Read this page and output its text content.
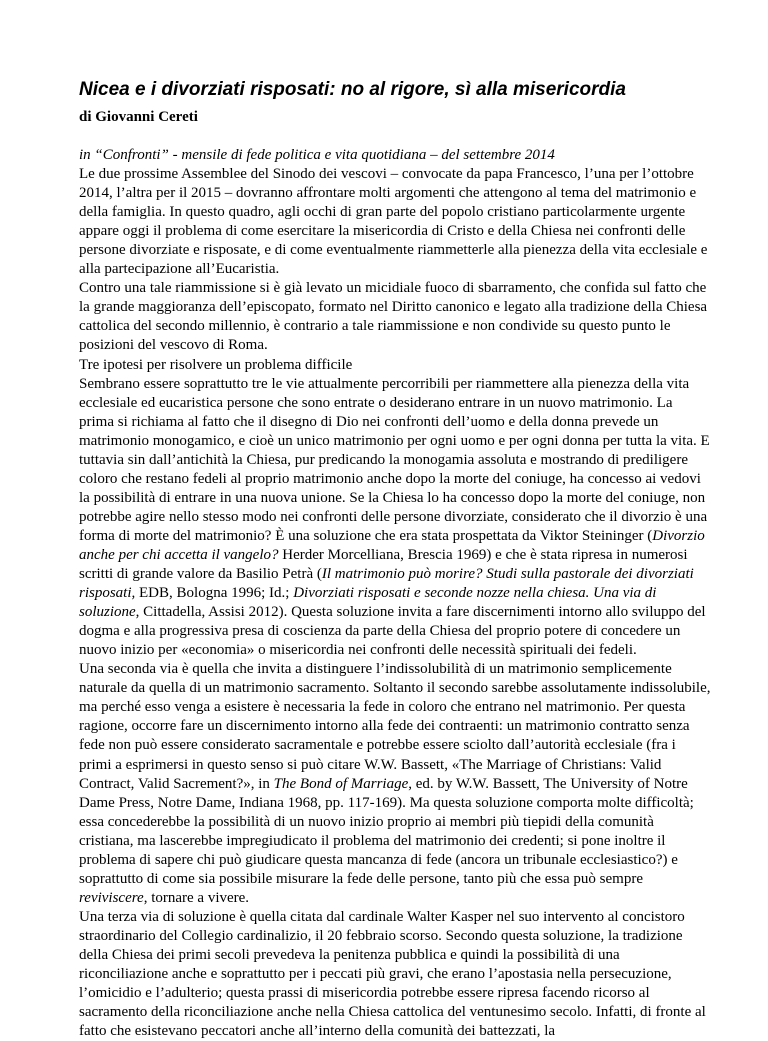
Nicea e i divorziati risposati: no al rigore, sì alla misericordia
di Giovanni Cereti

in “Confronti” - mensile di fede politica e vita quotidiana – del settembre 2014

Le due prossime Assemblee del Sinodo dei vescovi – convocate da papa Francesco, l’una per l’ottobre 2014, l’altra per il 2015 – dovranno affrontare molti argomenti che attengono al tema del matrimonio e della famiglia. In questo quadro, agli occhi di gran parte del popolo cristiano particolarmente urgente appare oggi il problema di come esercitare la misericordia di Cristo e della Chiesa nei confronti delle persone divorziate e risposate, e di come eventualmente riammetterle alla pienezza della vita ecclesiale e alla partecipazione all’Eucaristia.

Contro una tale riammissione si è già levato un micidiale fuoco di sbarramento, che confida sul fatto che la grande maggioranza dell’episcopato, formato nel Diritto canonico e legato alla tradizione della Chiesa cattolica del secondo millennio, è contrario a tale riammissione e non condivide su questo punto le posizioni del vescovo di Roma.

Tre ipotesi per risolvere un problema difficile

Sembrano essere soprattutto tre le vie attualmente percorribili per riammettere alla pienezza della vita ecclesiale ed eucaristica persone che sono entrate o desiderano entrare in un nuovo matrimonio. La prima si richiama al fatto che il disegno di Dio nei confronti dell’uomo e della donna prevede un matrimonio monogamico, e cioè un unico matrimonio per ogni uomo e per ogni donna per tutta la vita. E tuttavia sin dall’antichità la Chiesa, pur predicando la monogamia assoluta e mostrando di prediligere coloro che restano fedeli al proprio matrimonio anche dopo la morte del coniuge, ha concesso ai vedovi la possibilità di entrare in una nuova unione. Se la Chiesa lo ha concesso dopo la morte del coniuge, non potrebbe agire nello stesso modo nei confronti delle persone divorziate, considerato che il divorzio è una forma di morte del matrimonio? È una soluzione che era stata prospettata da Viktor Steininger (Divorzio anche per chi accetta il vangelo? Herder Morcelliana, Brescia 1969) e che è stata ripresa in numerosi scritti di grande valore da Basilio Petrà (Il matrimonio può morire? Studi sulla pastorale dei divorziati risposati, EDB, Bologna 1996; Id.; Divorziati risposati e seconde nozze nella chiesa. Una via di soluzione, Cittadella, Assisi 2012). Questa soluzione invita a fare discernimenti intorno allo sviluppo del dogma e alla progressiva presa di coscienza da parte della Chiesa del proprio potere di concedere un nuovo inizio per «economia» o misericordia nei confronti delle necessità spirituali dei fedeli.

Una seconda via è quella che invita a distinguere l’indissolubilità di un matrimonio semplicemente naturale da quella di un matrimonio sacramento. Soltanto il secondo sarebbe assolutamente indissolubile, ma perché esso venga a esistere è necessaria la fede in coloro che entrano nel matrimonio. Per questa ragione, occorre fare un discernimento intorno alla fede dei contraenti: un matrimonio contratto senza fede non può essere considerato sacramentale e potrebbe essere sciolto dall’autorità ecclesiale (fra i primi a esprimersi in questo senso si può citare W.W. Bassett, «The Marriage of Christians: Valid Contract, Valid Sacrement?», in The Bond of Marriage, ed. by W.W. Bassett, The University of Notre Dame Press, Notre Dame, Indiana 1968, pp. 117-169). Ma questa soluzione comporta molte difficoltà; essa concederebbe la possibilità di un nuovo inizio proprio ai membri più tiepidi della comunità cristiana, ma lascerebbe impregiudicato il problema del matrimonio dei credenti; si pone inoltre il problema di sapere chi può giudicare questa mancanza di fede (ancora un tribunale ecclesiastico?) e soprattutto di come sia possibile misurare la fede delle persone, tanto più che essa può sempre reviviscere, tornare a vivere.

Una terza via di soluzione è quella citata dal cardinale Walter Kasper nel suo intervento al concistoro straordinario del Collegio cardinalizio, il 20 febbraio scorso. Secondo questa soluzione, la tradizione della Chiesa dei primi secoli prevedeva la penitenza pubblica e quindi la possibilità di una riconciliazione anche e soprattutto per i peccati più gravi, che erano l’apostasia nella persecuzione, l’omicidio e l’adulterio; questa prassi di misericordia potrebbe essere ripresa facendo ricorso al sacramento della riconciliazione anche nella Chiesa cattolica del ventunesimo secolo. Infatti, di fronte al fatto che esistevano peccatori anche all’interno della comunità dei battezzati, la
